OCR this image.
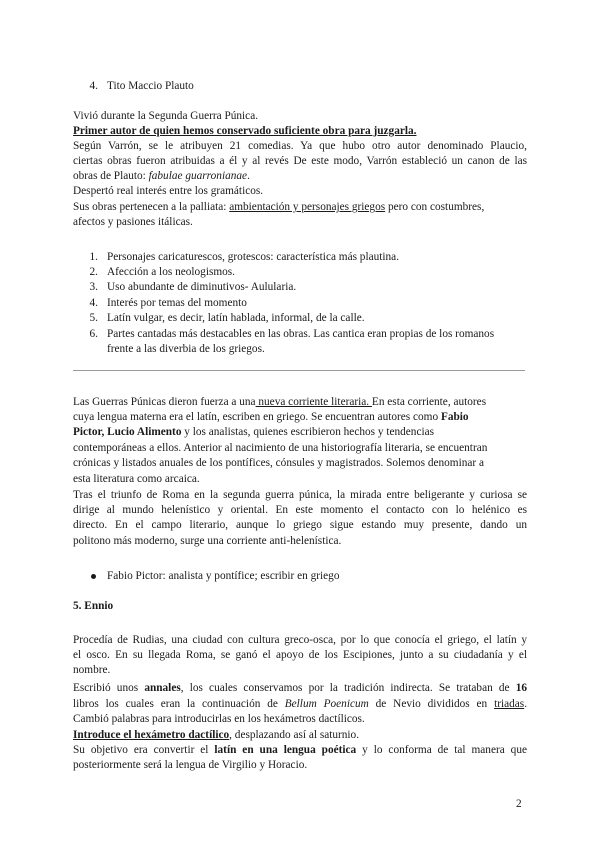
4. Tito Maccio Plauto
Vivió durante la Segunda Guerra Púnica.
Primer autor de quien hemos conservado suficiente obra para juzgarla.
Según Varrón, se le atribuyen 21 comedias. Ya que hubo otro autor denominado Plaucio,
ciertas obras fueron atribuidas a él y al revés De este modo, Varrón estableció un canon de las
obras de Plauto: fabulae guarronianae.
Despertó real interés entre los gramáticos.
Sus obras pertenecen a la palliata: ambientación y personajes griegos pero con costumbres,
afectos y pasiones itálicas.
1. Personajes caricaturescos, grotescos: característica más plautina.
2. Afección a los neologismos.
3. Uso abundante de diminutivos- Aulularia.
4. Interés por temas del momento
5. Latín vulgar, es decir, latín hablada, informal, de la calle.
6. Partes cantadas más destacables en las obras. Las cantica eran propias de los romanos
frente a las diverbia de los griegos.
Las Guerras Púnicas dieron fuerza a una nueva corriente literaria. En esta corriente, autores
cuya lengua materna era el latín, escriben en griego. Se encuentran autores como Fabio
Pictor, Lucio Alimento y los analistas, quienes escribieron hechos y tendencias
contemporáneas a ellos. Anterior al nacimiento de una historiografía literaria, se encuentran
crónicas y listados anuales de los pontífices, cónsules y magistrados. Solemos denominar a
esta literatura como arcaica.
Tras el triunfo de Roma en la segunda guerra púnica, la mirada entre beligerante y curiosa se
dirige al mundo helenístico y oriental. En este momento el contacto con lo helénico es
directo. En el campo literario, aunque lo griego sigue estando muy presente, dando un
politono más moderno, surge una corriente anti-helenística.
Fabio Pictor: analista y pontífice; escribir en griego
5. Ennio
Procedía de Rudias, una ciudad con cultura greco-osca, por lo que conocía el griego, el latín y
el osco. En su llegada Roma, se ganó el apoyo de los Escipiones, junto a su ciudadanía y el
nombre.
Escribió unos annales, los cuales conservamos por la tradición indirecta. Se trataban de 16
libros los cuales eran la continuación de Bellum Poenicum de Nevio divididos en triadas.
Cambió palabras para introducirlas en los hexámetros dactílicos.
Introduce el hexámetro dactílico, desplazando así al saturnio.
Su objetivo era convertir el latín en una lengua poética y lo conforma de tal manera que
posteriormente será la lengua de Virgilio y Horacio.
2
